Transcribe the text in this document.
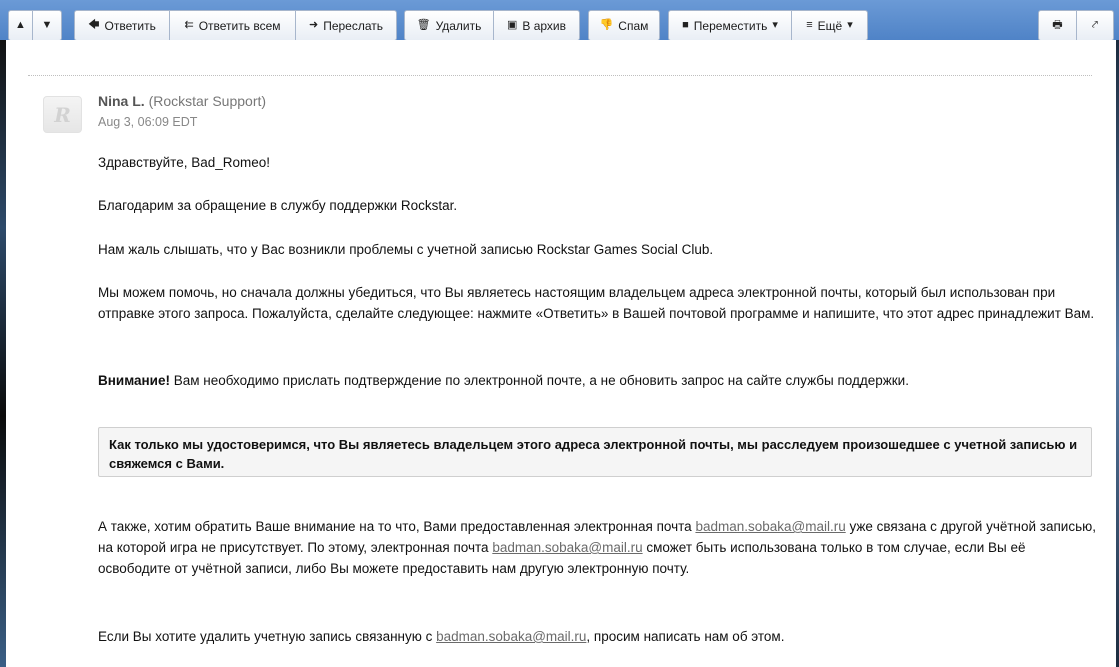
▲ ▼	🡄 Ответить	⇇ Ответить всем	➜ Переслать	🗑 Удалить ▣ В архив	👎 Спам	■ Переместить ▾	≡ Ещё ▾	🖶	⤤
R
Nina L. (Rockstar Support)
Aug 3, 06:09 EDT
Здравствуйте, Bad_Romeo!
Благодарим за обращение в службу поддержки Rockstar.
Нам жаль слышать, что у Вас возникли проблемы с учетной записью Rockstar Games Social Club.
Мы можем помочь, но сначала должны убедиться, что Вы являетесь настоящим владельцем адреса электронной почты, который был использован при отправке этого запроса. Пожалуйста, сделайте следующее: нажмите «Ответить» в Вашей почтовой программе и напишите, что этот адрес принадлежит Вам.
Внимание! Вам необходимо прислать подтверждение по электронной почте, а не обновить запрос на сайте службы поддержки.
Как только мы удостоверимся, что Вы являетесь владельцем этого адреса электронной почты, мы расследуем произошедшее с учетной записью и свяжемся с Вами.
А также, хотим обратить Ваше внимание на то что, Вами предоставленная электронная почта badman.sobaka@mail.ru уже связана с другой учётной записью, на которой игра не присутствует. По этому, электронная почта badman.sobaka@mail.ru сможет быть использована только в том случае, если Вы её освободите от учётной записи, либо Вы можете предоставить нам другую электронную почту.
Если Вы хотите удалить учетную запись связанную с badman.sobaka@mail.ru, просим написать нам об этом.
